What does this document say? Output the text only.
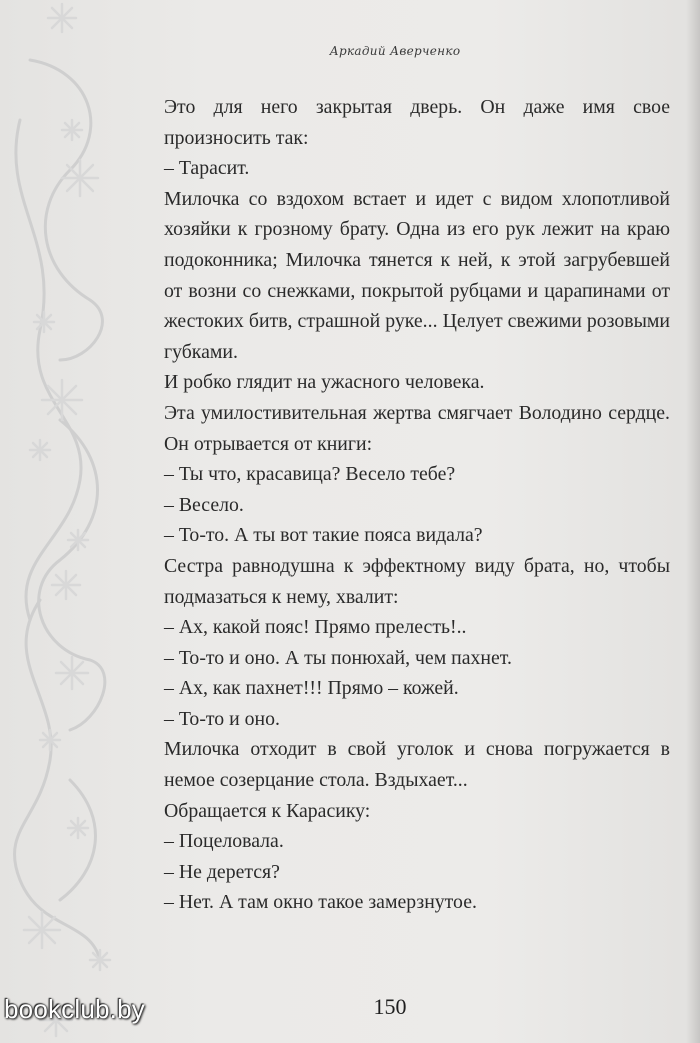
Аркадий Аверченко

Это для него закрытая дверь. Он даже имя свое произносить так:

– Тарасит.

Милочка со вздохом встает и идет с видом хлопотливой хозяйки к грозному брату. Одна из его рук лежит на краю подоконника; Милочка тянется к ней, к этой загрубевшей от возни со снежками, покрытой рубцами и царапинами от жестоких битв, страшной руке... Целует свежими розовыми губками.

И робко глядит на ужасного человека.

Эта умилостивительная жертва смягчает Володино сердце. Он отрывается от книги:

– Ты что, красавица? Весело тебе?

– Весело.

– То-то. А ты вот такие пояса видала?

Сестра равнодушна к эффектному виду брата, но, чтобы подмазаться к нему, хвалит:

– Ах, какой пояс! Прямо прелесть!..

– То-то и оно. А ты понюхай, чем пахнет.

– Ах, как пахнет!!! Прямо – кожей.

– То-то и оно.

Милочка отходит в свой уголок и снова погружается в немое созерцание стола. Вздыхает...

Обращается к Карасику:

– Поцеловала.

– Не дерется?

– Нет. А там окно такое замерзнутое.

150
bookclub.by
